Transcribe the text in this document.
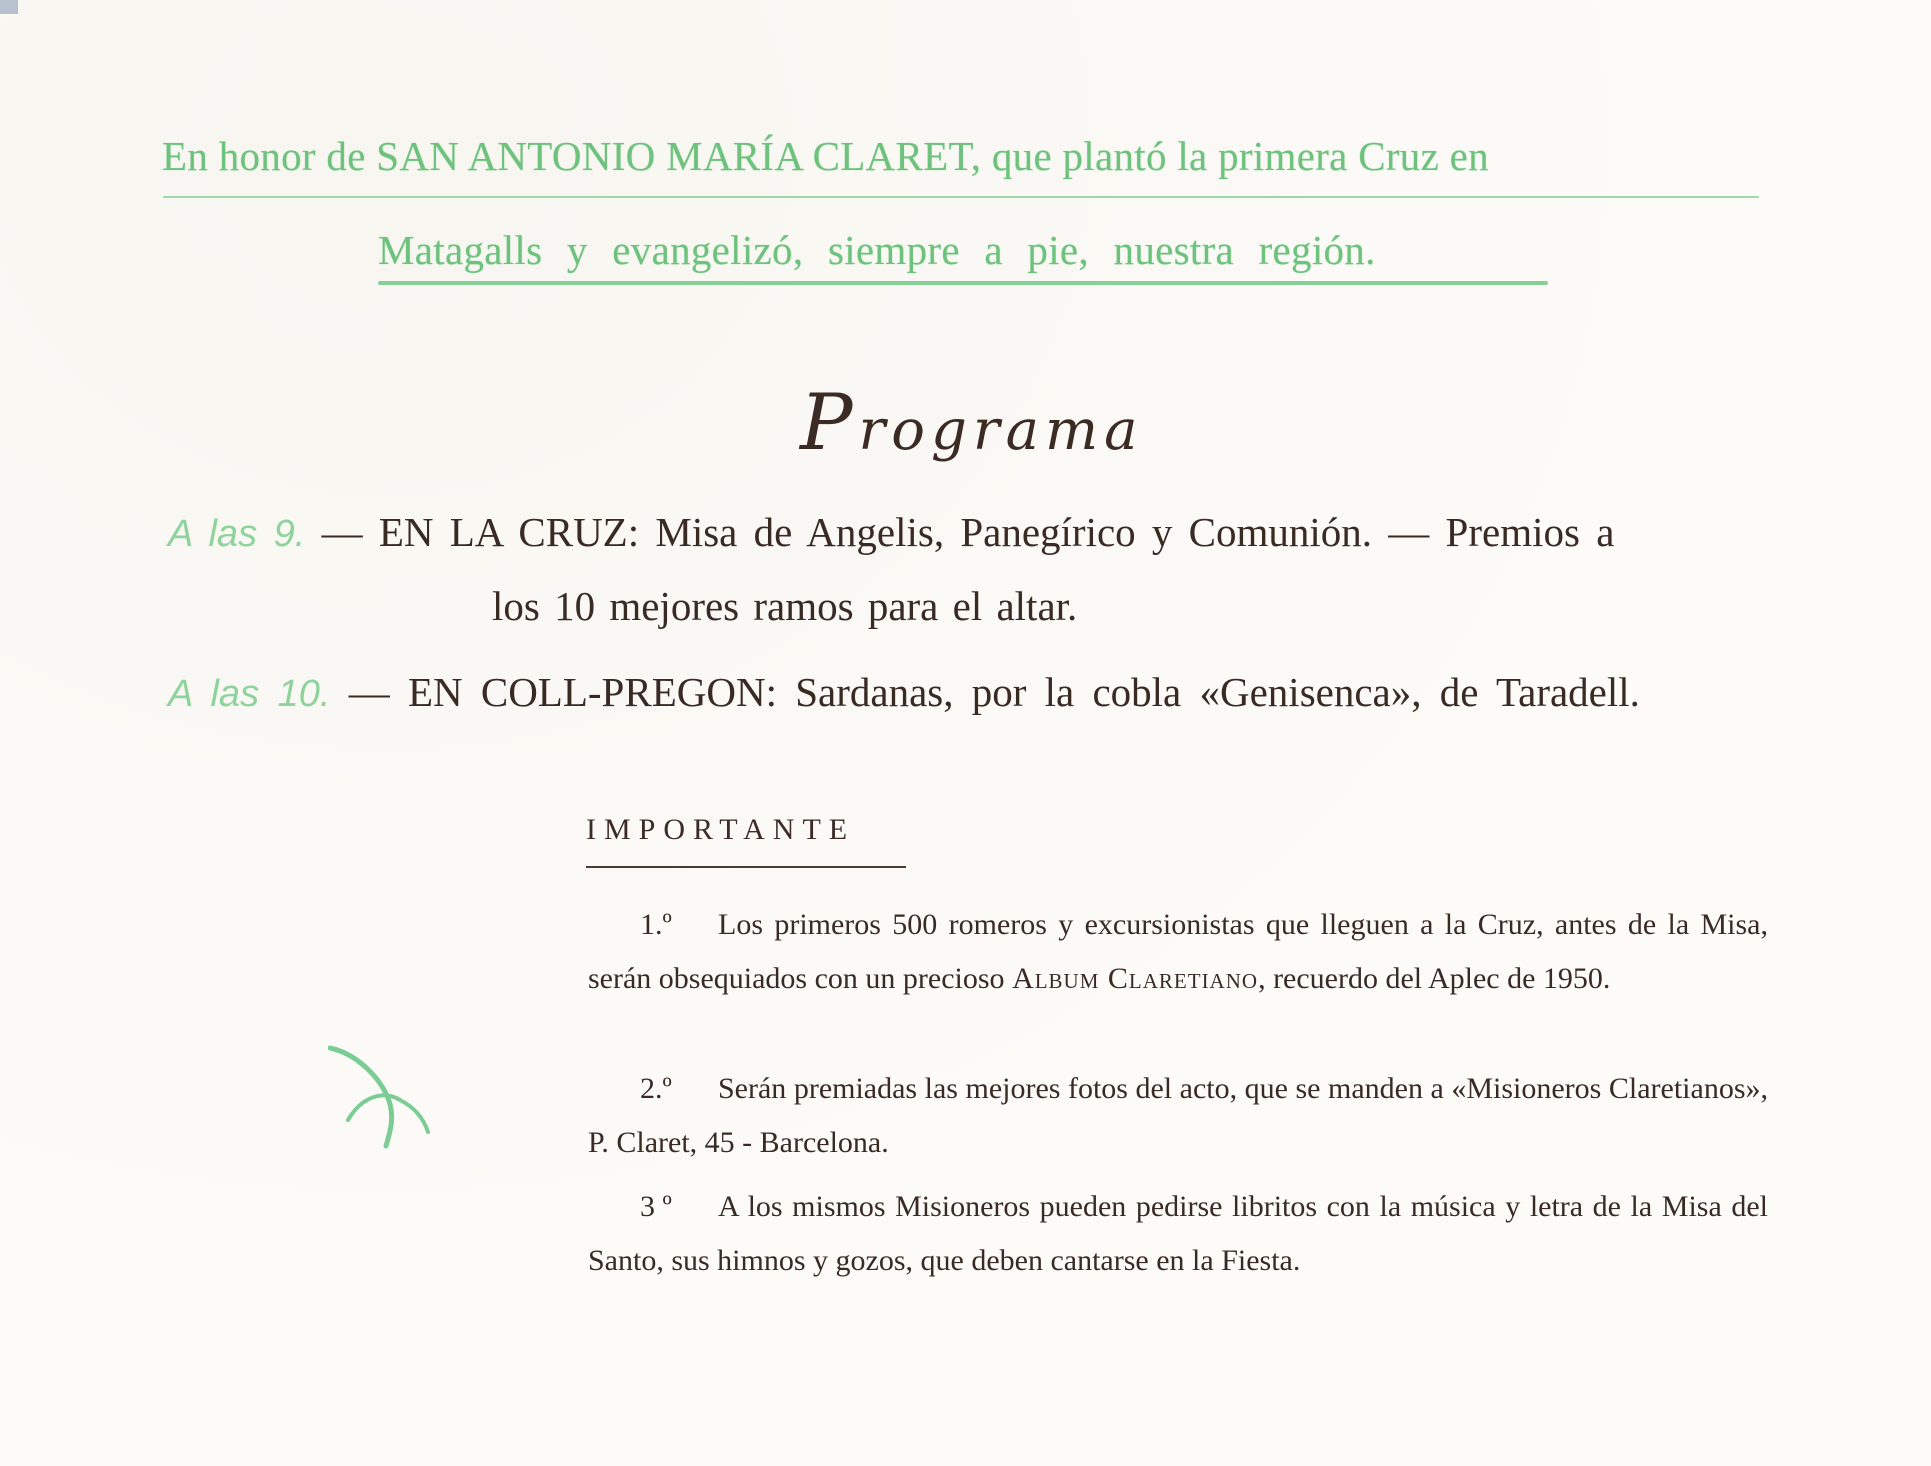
En honor de SAN ANTONIO MARÍA CLARET, que plantó la primera Cruz en
Matagalls y evangelizó, siempre a pie, nuestra región.
Programa
A las 9. — EN LA CRUZ: Misa de Angelis, Panegírico y Comunión. — Premios a
los 10 mejores ramos para el altar.
A las 10. — EN COLL-PREGON: Sardanas, por la cobla «Genisenca», de Taradell.
IMPORTANTE
1.º Los primeros 500 romeros y excursionistas que lleguen a la Cruz, antes de la Misa, serán obsequiados con un precioso Album Claretiano, recuerdo del Aplec de 1950.
2.º Serán premiadas las mejores fotos del acto, que se manden a «Misioneros Claretianos», P. Claret, 45 - Barcelona.
3 º A los mismos Misioneros pueden pedirse libritos con la música y letra de la Misa del Santo, sus himnos y gozos, que deben cantarse en la Fiesta.
